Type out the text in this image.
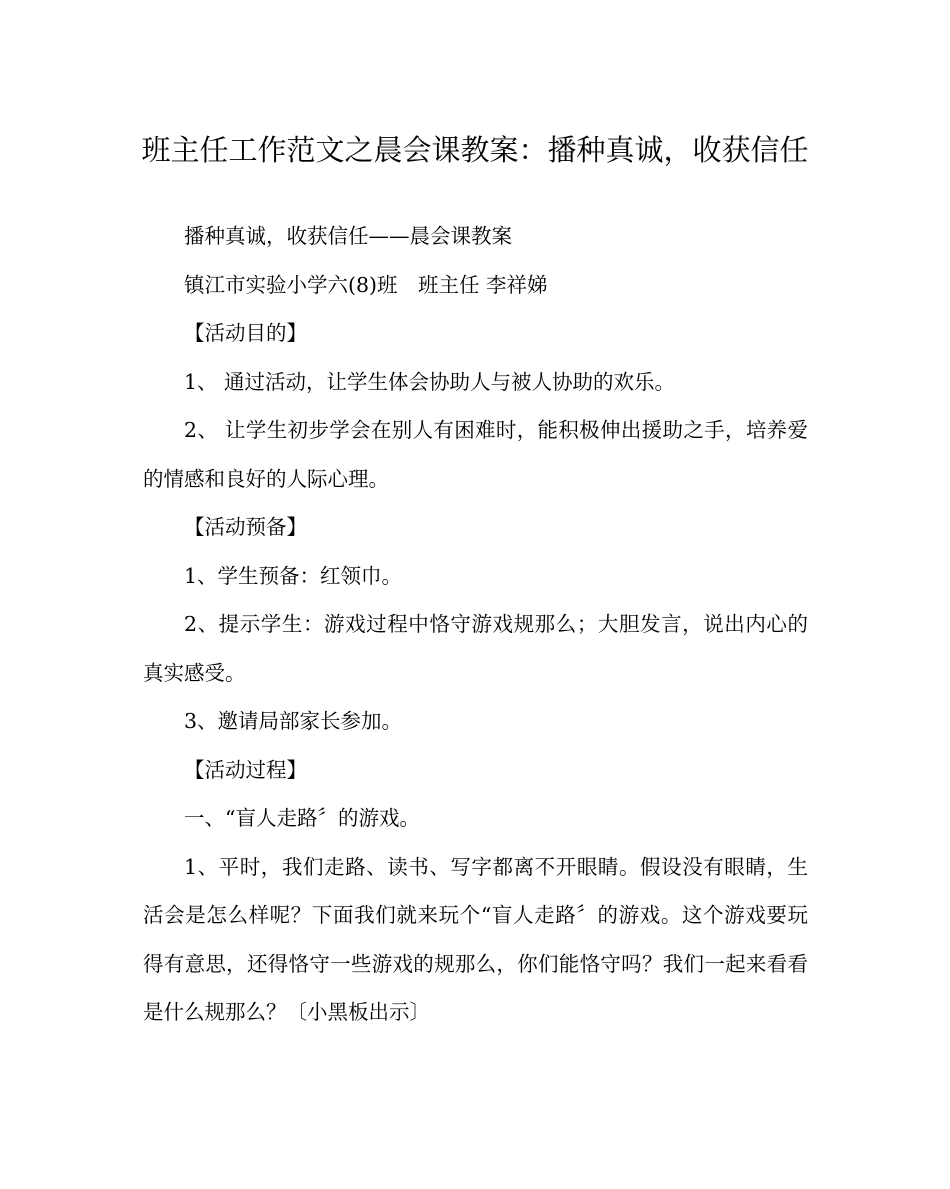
班主任工作范文之晨会课教案：播种真诚，收获信任

播种真诚，收获信任——晨会课教案

镇江市实验小学六(8)班　班主任 李祥娣

【活动目的】

1、 通过活动，让学生体会协助人与被人协助的欢乐。

2、 让学生初步学会在别人有困难时，能积极伸出援助之手，培养爱的情感和良好的人际心理。

【活动预备】

1、学生预备：红领巾。

2、提示学生：游戏过程中恪守游戏规那么；大胆发言，说出内心的真实感受。

3、邀请局部家长参加。

【活动过程】

一、“盲人走路〞的游戏。

1、平时，我们走路、读书、写字都离不开眼睛。假设没有眼睛，生活会是怎么样呢？下面我们就来玩个“盲人走路〞的游戏。这个游戏要玩得有意思，还得恪守一些游戏的规那么，你们能恪守吗？我们一起来看看是什么规那么？〔小黑板出示〕
